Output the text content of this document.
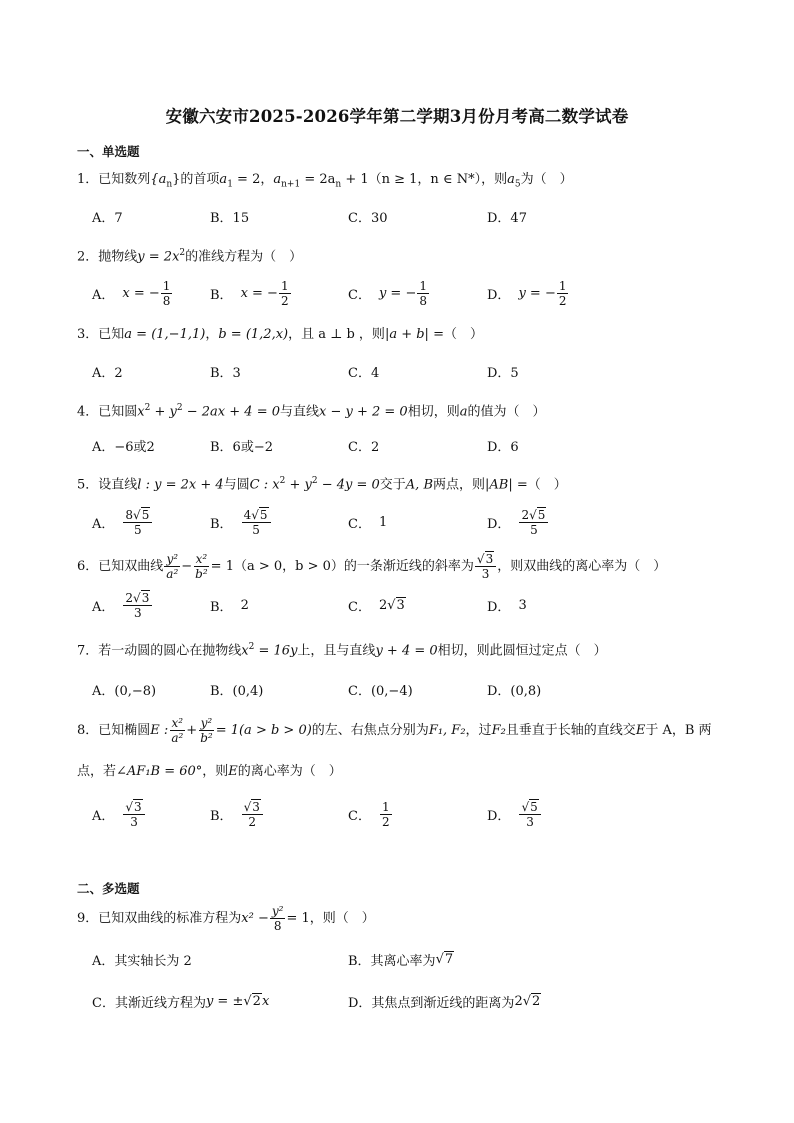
安徽六安市2025-2026学年第二学期3月份月考高二数学试卷
一、单选题
1．已知数列$\{a_n\}$的首项$a_1 = 2$，$a_{n+1} = 2a_n + 1(n \ge 1$，n ∈ N*），则$a_5$为（　）
A．7	B．15	C．30	D．47
2．抛物线$y = 2x^2$的准线方程为（　）
A． x = − $\frac{1}{8}$	B． x = − $\frac{1}{2}$	C． y = − $\frac{1}{8}$	D． y = − $\frac{1}{2}$
3．已知a = (1,−1,1)，b = (1,2,x)，且 a ⊥ b ，则|a + b| =（　）
A．2	B．3	C．4	D．5
4．已知圆$x^2 + y^2 - 2ax + 4 = 0$与直线x − y + 2 = 0相切，则a的值为（　）
A．−6或2	B．6或−2	C．2	D．6
5．设直线l : y = 2x + 4与圆C : $x^2 + y^2 - 4y = 0$交于A, B两点，则|AB| =（　）
A． $\frac{8√5}{5}$	B． $\frac{4√5}{5}$	C． 1	D． $\frac{2√5}{5}$
6． 已知双曲线 $\frac{\text{y²}}{\text{a²}} - \frac{\text{x²}}{\text{b²}} = 1(a > 0$，b > 0）的一条渐近线的斜率为 $\frac{√3}{3}$ ，则双曲线的离心率为（　）
A． $\frac{2√3}{3}$	B． 2	C． 2 √3	D． 3
7．若一动圆的圆心在抛物线$x^2 = 16y$上，且与直线y + 4 = 0相切，则此圆恒过定点（　）
A．(0,−8)	B．(0,4)	C．(0,−4)	D．(0,8)
8． 已知椭圆 E : $\frac{\text{x²}}{\text{a²}} + \frac{\text{y²}}{\text{b²}} = 1(a > b > 0)$ 的左、右焦点分别为 F₁, F₂ ，过 F₂ 且垂直于长轴的直线交 E 于 A，B 两
点，若∠AF₁B = 60°，则E的离心率为（　）
A． $\frac{√3}{3}$	B． $\frac{√3}{2}$	C． $\frac{1}{2}$	D． $\frac{√5}{3}$
二、多选题
9． 已知双曲线的标准方程为 $x^2 - \frac{\text{y²}}{8} = 1$ ，则（　）
A．其实轴长为 2	B．其离心率为 √7
C．其渐近线方程为 y = ± √2 x	D．其焦点到渐近线的距离为 2 √2
